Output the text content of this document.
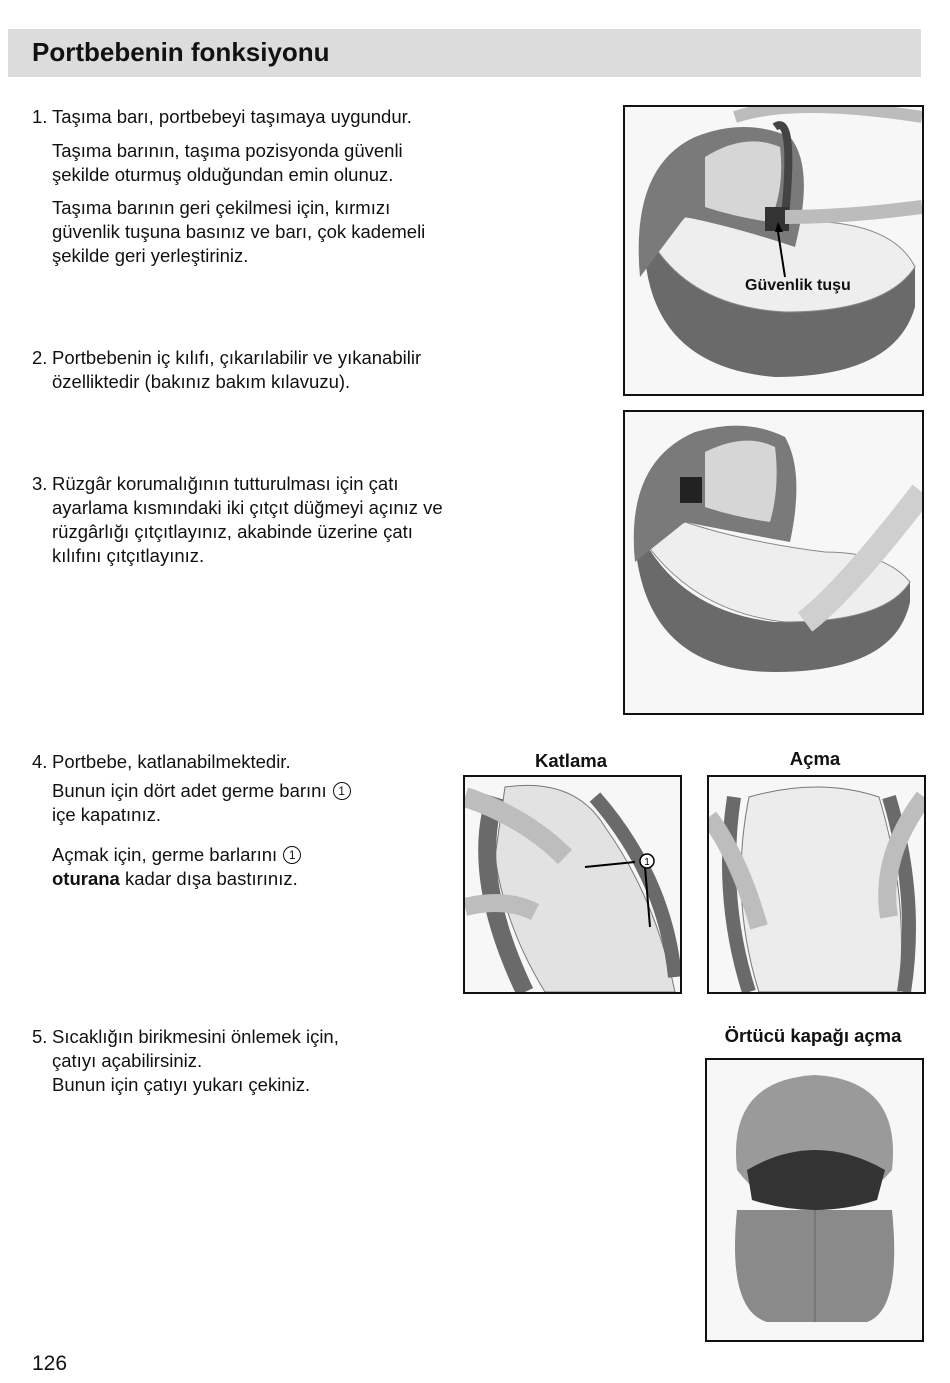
Portbebenin fonksiyonu
1. Taşıma barı, portbebeyi taşımaya uygundur.
Taşıma barının, taşıma pozisyonda güvenli şekilde oturmuş olduğundan emin olunuz.
Taşıma barının geri çekilmesi için, kırmızı güvenlik tuşuna basınız ve barı, çok kademeli şekilde geri yerleştiriniz.
2. Portbebenin iç kılıfı, çıkarılabilir ve yıkanabilir özelliktedir (bakınız bakım kılavuzu).
3. Rüzgâr korumalığının tutturulması için çatı ayarlama kısmındaki iki çıtçıt düğmeyi açınız ve rüzgârlığı çıtçıtlayınız, akabinde üzerine çatı kılıfını çıtçıtlayınız.
4. Portbebe, katlanabilmektedir.
Bunun için dört adet germe barını 1
içe kapatınız.
Açmak için, germe barlarını 1
oturana kadar dışa bastırınız.
5. Sıcaklığın birikmesini önlemek için, çatıyı açabilirsiniz.
Bunun için çatıyı yukarı çekiniz.
Güvenlik tuşu
Katlama	Açma
1
Örtücü kapağı açma
126
